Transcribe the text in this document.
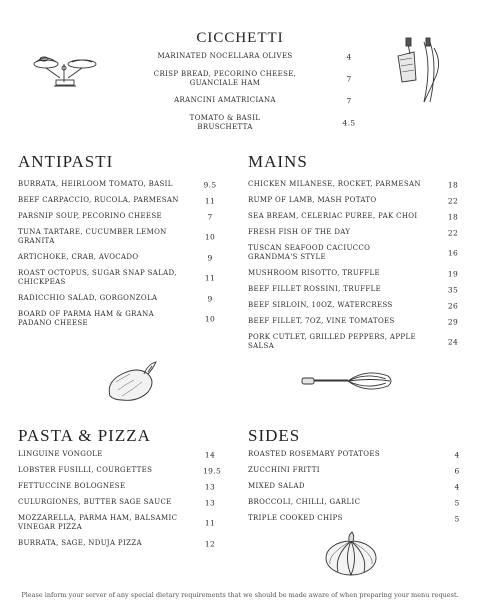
CICCHETTI
MARINATED NOCELLARA OLIVES	4
CRISP BREAD, PECORINO CHEESE, GUANCIALE HAM	7
ARANCINI AMATRICIANA	7
TOMATO & BASIL BRUSCHETTA	4.5
ANTIPASTI
BURRATA, HEIRLOOM TOMATO, BASIL	9.5
BEEF CARPACCIO, RUCOLA, PARMESAN	11
PARSNIP SOUP, PECORINO CHEESE	7
TUNA TARTARE, CUCUMBER LEMON GRANITA	10
ARTICHOKE, CRAB, AVOCADO	9
ROAST OCTOPUS, SUGAR SNAP SALAD, CHICKPEAS	11
RADICCHIO SALAD, GORGONZOLA	9
BOARD OF PARMA HAM & GRANA PADANO CHEESE	10
MAINS
CHICKEN MILANESE, ROCKET, PARMESAN	18
RUMP OF LAMB, MASH POTATO	22
SEA BREAM, CELERIAC PUREE, PAK CHOI	18
FRESH FISH OF THE DAY	22
TUSCAN SEAFOOD CACIUCCO GRANDMA'S STYLE	16
MUSHROOM RISOTTO, TRUFFLE	19
BEEF FILLET ROSSINI, TRUFFLE	35
BEEF SIRLOIN, 10OZ, WATERCRESS	26
BEEF FILLET, 7OZ, VINE TOMATOES	29
PORK CUTLET, GRILLED PEPPERS, APPLE SALSA	24
PASTA & PIZZA
LINGUINE VONGOLE	14
LOBSTER FUSILLI, COURGETTES	19.5
FETTUCCINE BOLOGNESE	13
CULURGIONES, BUTTER SAGE SAUCE	13
MOZZARELLA, PARMA HAM, BALSAMIC VINEGAR PIZZA	11
BURRATA, SAGE, NDUJA PIZZA	12
SIDES
ROASTED ROSEMARY POTATOES	4
ZUCCHINI FRITTI	6
MIXED SALAD	4
BROCCOLI, CHILLI, GARLIC	5
TRIPLE COOKED CHIPS	5
Please inform your server of any special dietary requirements that we should be made aware of when preparing your menu request.
